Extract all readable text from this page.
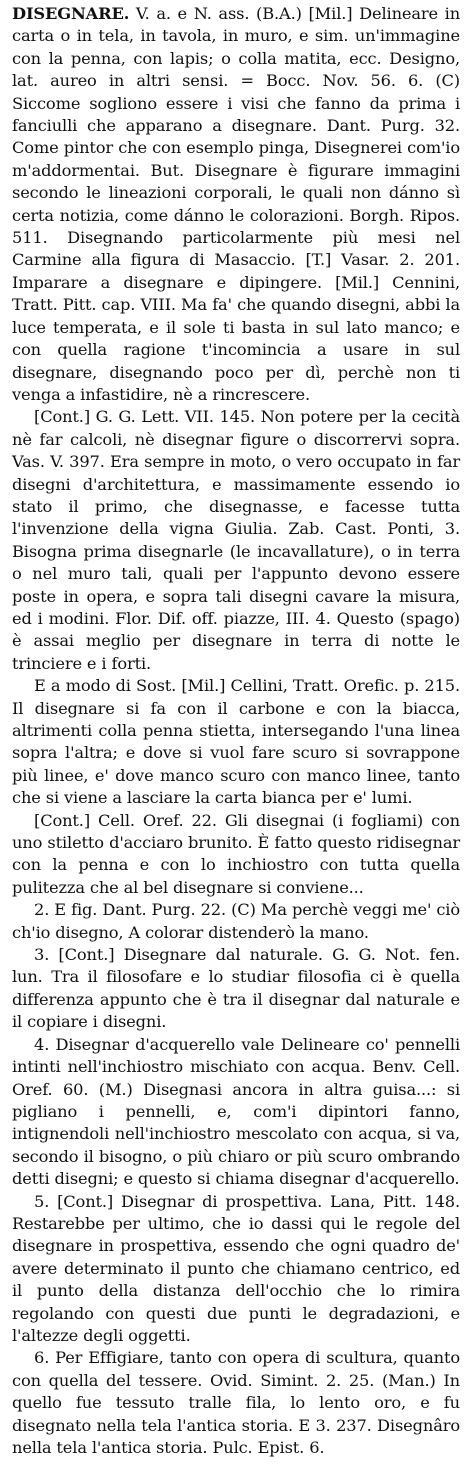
DISEGNARE. V. a. e N. ass. (B.A.) [Mil.] Delineare in carta o in tela, in tavola, in muro, e sim. un'immagine con la penna, con lapis; o colla matita, ecc. Designo, lat. aureo in altri sensi. = Bocc. Nov. 56. 6. (C) Siccome sogliono essere i visi che fanno da prima i fanciulli che apparano a disegnare. Dant. Purg. 32. Come pintor che con esemplo pinga, Disegnerei com'io m'addormentai. But. Disegnare è figurare immagini secondo le lineazioni corporali, le quali non dánno sì certa notizia, come dánno le colorazioni. Borgh. Ripos. 511. Disegnando particolarmente più mesi nel Carmine alla figura di Masaccio. [T.] Vasar. 2. 201. Imparare a disegnare e dipingere. [Mil.] Cennini, Tratt. Pitt. cap. VIII. Ma fa' che quando disegni, abbi la luce temperata, e il sole ti basta in sul lato manco; e con quella ragione t'incomincia a usare in sul disegnare, disegnando poco per dì, perchè non ti venga a infastidire, nè a rincrescere.

[Cont.] G. G. Lett. VII. 145. Non potere per la cecità nè far calcoli, nè disegnar figure o discorrervi sopra. Vas. V. 397. Era sempre in moto, o vero occupato in far disegni d'architettura, e massimamente essendo io stato il primo, che disegnasse, e facesse tutta l'invenzione della vigna Giulia. Zab. Cast. Ponti, 3. Bisogna prima disegnarle (le incavallature), o in terra o nel muro tali, quali per l'appunto devono essere poste in opera, e sopra tali disegni cavare la misura, ed i modini. Flor. Dif. off. piazze, III. 4. Questo (spago) è assai meglio per disegnare in terra di notte le trinciere e i forti.

E a modo di Sost. [Mil.] Cellini, Tratt. Orefic. p. 215. Il disegnare si fa con il carbone e con la biacca, altrimenti colla penna stietta, intersegando l'una linea sopra l'altra; e dove si vuol fare scuro si sovrappone più linee, e' dove manco scuro con manco linee, tanto che si viene a lasciare la carta bianca per e' lumi.

[Cont.] Cell. Oref. 22. Gli disegnai (i fogliami) con uno stiletto d'acciaro brunito. È fatto questo ridisegnar con la penna e con lo inchiostro con tutta quella pulitezza che al bel disegnare si conviene...

2. E fig. Dant. Purg. 22. (C) Ma perchè veggi me' ciò ch'io disegno, A colorar distenderò la mano.

3. [Cont.] Disegnare dal naturale. G. G. Not. fen. lun. Tra il filosofare e lo studiar filosofia ci è quella differenza appunto che è tra il disegnar dal naturale e il copiare i disegni.

4. Disegnar d'acquerello vale Delineare co' pennelli intinti nell'inchiostro mischiato con acqua. Benv. Cell. Oref. 60. (M.) Disegnasi ancora in altra guisa...: si pigliano i pennelli, e, com'i dipintori fanno, intignendoli nell'inchiostro mescolato con acqua, si va, secondo il bisogno, o più chiaro or più scuro ombrando detti disegni; e questo si chiama disegnar d'acquerello.

5. [Cont.] Disegnar di prospettiva. Lana, Pitt. 148. Restarebbe per ultimo, che io dassi qui le regole del disegnare in prospettiva, essendo che ogni quadro de' avere determinato il punto che chiamano centrico, ed il punto della distanza dell'occhio che lo rimira regolando con questi due punti le degradazioni, e l'altezze degli oggetti.

6. Per Effigiare, tanto con opera di scultura, quanto con quella del tessere. Ovid. Simint. 2. 25. (Man.) In quello fue tessuto tralle fila, lo lento oro, e fu disegnato nella tela l'antica storia. E 3. 237. Disegnâro nella tela l'antica storia. Pulc. Epist. 6.
